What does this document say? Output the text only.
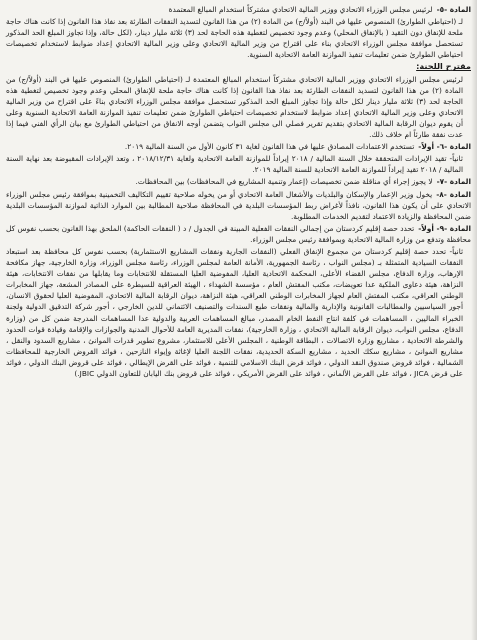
المادة -٥-لرئيس مجلس الوزراء الاتحادي ووزير المالية الاتحادي مشتركاً استخدام المبالغ المعتمدة

لـ (احتياطي الطوارئ) المنصوص عليها في البند (أولاً/ج) من المادة (٢) من هذا القانون لتسديد النفقات الطارئة بعد نفاذ هذا القانون إذا كانت هناك حاجة ملحة للإنفاق دون التقيد ( بالإنفاق المحلي) وعدم وجود تخصيص لتغطية هذه الحاجة لحد (٣) ثلاثة مليار دينار، (لكل حالة، وإذا تجاوز المبلغ الحد المذكور تستحصل موافقة مجلس الوزراء الاتحادي بناء على اقتراح من وزير المالية الاتحادي وعلى وزير المالية الاتحادي إعداد ضوابط لاستخدام تخصيصات احتياطي الطوارئ ضمن تعليمات تنفيذ الموازنة العامة الاتحادية السنوية.

مقترح اللجنة:

لرئيس مجلس الوزراء الاتحادي ووزير المالية الاتحادي مشتركاً استخدام المبالغ المعتمدة لـ (احتياطي الطوارئ) المنصوص عليها في البند (أولاً/ج) من المادة (٢) من هذا القانون لتسديد النفقات الطارئة بعد نفاذ هذا القانون إذا كانت هناك حاجة ملحة للإنفاق المحلي وعدم وجود تخصيص لتغطية هذه الحاجة لحد (٣) ثلاثة مليار دينار لكل حالة وإذا تجاوز المبلغ الحد المذكور تستحصل موافقة مجلس الوزراء الاتحادي بناءً على اقتراح من وزير المالية الاتحادي وعلى وزير المالية الاتحادي إعداد ضوابط لاستخدام تخصيصات احتياطي الطوارئ ضمن تعليمات تنفيذ الموازنة العامة الاتحادية السنوية وعلى أن يقوم ديوان الرقابة المالية الاتحادي بتقديم تقرير فصلي الى مجلس النواب يتضمن أوجه الانفاق من احتياطي الطوارئ مع بيان الرأي الفني فيما إذا عدت نفقة طارئاً ام خلاف ذلك.

المادة -٦- أولاً-تستخدم الاعتمادات المصادق عليها في هذا القانون لغاية ٣١ كانون الأول من السنة المالية ٢٠١٩.

ثانياً- تقيد الإيرادات المتحققة خلال السنة المالية / ٢٠١٨ إيراداً للموازنة العامة الاتحادية ولغاية ٢٠١٨/١٢/٣١ ، وتعد الإيرادات المقبوضة بعد نهاية السنة المالية / ٢٠١٨ تقيد إيراداً للموازنة العامة الاتحادية للسنة المالية ٢٠١٩.

المادة -٧-لا يجوز إجراء أي مناقلة ضمن تخصيصات (إعمار وتنمية المشاريع في المحافظات) بين المحافظات.

المادة -٨-يخول وزير الإعمار والإسكان والبلديات والأشغال العامة الاتحادي أو من يخوله صلاحية تقييم التكاليف التخمينية بموافقة رئيس مجلس الوزراء الاتحادي على أن يكون هذا القانون، نافذاً لأغراض ربط المؤسسات البلدية في المحافظة صلاحية المطالبة بين الموارد الذاتية لموازنة المؤسسات البلدية ضمن المحافظة والزيادة الاعتماد لتقديم الخدمات المطلوبة.

المادة -٩- أولاً-تحدد حصة إقليم كردستان من إجمالي النفقات الفعلية المبينة في الجدول / د ( النفقات الحاكمة) الملحق بهذا القانون بحسب نفوس كل محافظة وتدفع من وزارة المالية الاتحادية وبموافقة رئيس مجلس الوزراء.

ثانياً- تحدد حصة إقليم كردستان من مجموع الإنفاق الفعلي (النفقات الجارية ونفقات المشاريع الاستثمارية) بحسب نفوس كل محافظة بعد استبعاد النفقات السيادية المتمثلة بـ (مجلس النواب ، رئاسة الجمهورية، الأمانة العامة لمجلس الوزراء، رئاسة مجلس الوزراء، وزارة الخارجية، جهاز مكافحة الإرهاب، وزارة الدفاع، مجلس القضاء الأعلى، المحكمة الاتحادية العليا، المفوضية العليا المستقلة للانتخابات وما يقابلها من نفقات الانتخابات، هيئة النزاهة، هيئة دعاوى الملكية عدا تعويضات، مكتب المفتش العام ، مؤسسة الشهداء ، الهيئة العراقية للسيطرة على المصادر المشعة، جهاز المخابرات الوطني العراقي، مكتب المفتش العام لجهاز المخابرات الوطني العراقي، هيئة النزاهة، ديوان الرقابة المالية الاتحادي، المفوضية العليا لحقوق الانسان، أجور السياسيين والمطالبات القانونية والإدارية والمالية ونفقات طبع السندات والتصنيف الائتماني للدين الخارجي ، أجور شركة التدقيق الدولية ولجنة الخبراء الماليين ، المساهمات في كلفة انتاج النفط الخام المصدر، مبالغ المساهمات العربية والدولية عدا المساهمات المدرجة ضمن كل من (وزارة الدفاع، مجلس النواب، ديوان الرقابة المالية الاتحادي ، وزارة الخارجية)، نفقات المديرية العامة للأحوال المدنية والجوازات والإقامة وقيادة قوات الحدود والشرطة الاتحادية ، مشاريع وزارة الاتصالات ، البطاقة الوطنية ، المجلس الأعلى للاستثمار، مشروع تطوير قدرات الموانئ ، مشاريع السدود والنقل ، مشاريع الموانئ ، مشاريع سكك الحديد ، مشاريع السكة الحديدية، نفقات اللجنة العليا لإغاثة وإيواء النازحين ، فوائد القروض الخارجية للمحافظات الشمالية ، فوائد قروض صندوق النقد الدولي ، فوائد قرض البنك الاسلامي للتنمية ، فوائد على القرض الإيطالي ، فوائد على قروض البنك الدولي ، فوائد على قرض JICA ، فوائد على القرض الألماني ، فوائد على القرض الأمريكي ، فوائد على قروض بنك اليابان للتعاون الدولي JBIC.)
